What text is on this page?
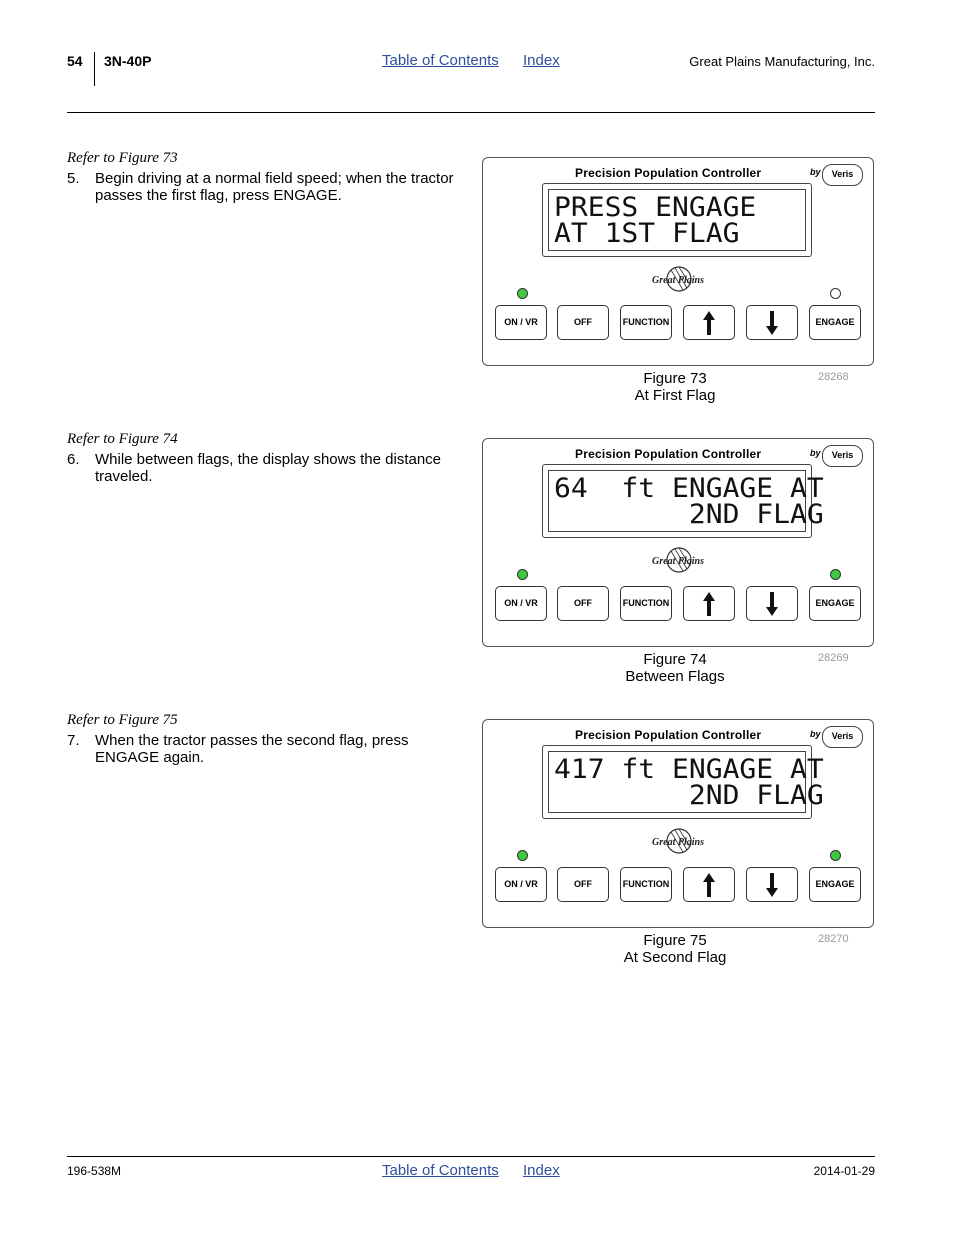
54 3N-40P	Table of Contents Index	Great Plains Manufacturing, Inc.
Refer to Figure 73
5.	Begin driving at a normal field speed; when the tractor passes the first flag, press ENGAGE.
Precision Population Controller	by	Veris
PRESS ENGAGE
AT 1ST FLAG
Great Plains
ON / VR	OFF	FUNCTION	ENGAGE
Figure 73
At First Flag
28268
Refer to Figure 74
6.	While between flags, the display shows the distance traveled.
Precision Population Controller	by	Veris
64  ft ENGAGE AT
2ND FLAG
Great Plains
ON / VR	OFF	FUNCTION	ENGAGE
Figure 74
Between Flags
28269
Refer to Figure 75
7.	When the tractor passes the second flag, press ENGAGE again.
Precision Population Controller	by	Veris
417 ft ENGAGE AT
2ND FLAG
Great Plains
ON / VR	OFF	FUNCTION	ENGAGE
Figure 75
At Second Flag
28270
196-538M	Table of Contents Index	2014-01-29
